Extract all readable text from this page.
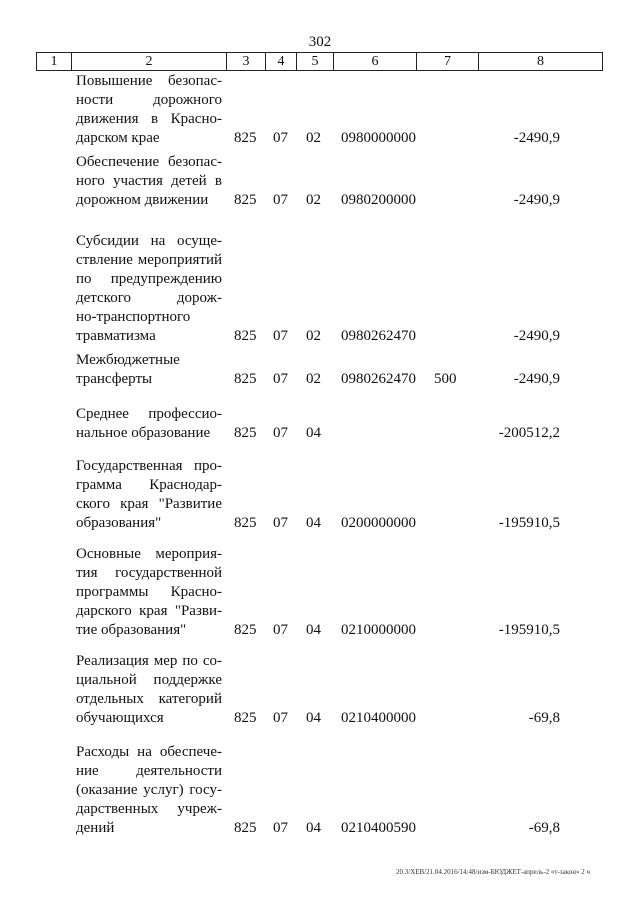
302
1	2	3	4	5	6	7	8
Повышение безопас-
ности дорожного
движения в Красно-
дарском крае	825 07 02 0980000000	-2490,9
Обеспечение безопас-
ного участия детей в
дорожном движении	825 07 02 0980200000	-2490,9
Субсидии на осуще-
ствление мероприятий
по предупреждению
детского дорож-
но-транспортного
травматизма	825 07 02 0980262470	-2490,9
Межбюджетные
трансферты	825 07 02 0980262470 500	-2490,9
Среднее профессио-
нальное образование	825 07 04	-200512,2
Государственная про-
грамма Краснодар-
ского края "Развитие
образования"	825 07 04 0200000000	-195910,5
Основные мероприя-
тия государственной
программы Красно-
дарского края "Разви-
тие образования"	825 07 04 0210000000	-195910,5
Реализация мер по со-
циальной поддержке
отдельных категорий
обучающихся	825 07 04 0210400000	-69,8
Расходы на обеспече-
ние деятельности
(оказание услуг) госу-
дарственных учреж-
дений	825 07 04 0210400590	-69,8
20.3/ХЕВ/21.04.2016/14:48/изм-БЮДЖЕТ-апрель-2 «т-закон» 2 ч
